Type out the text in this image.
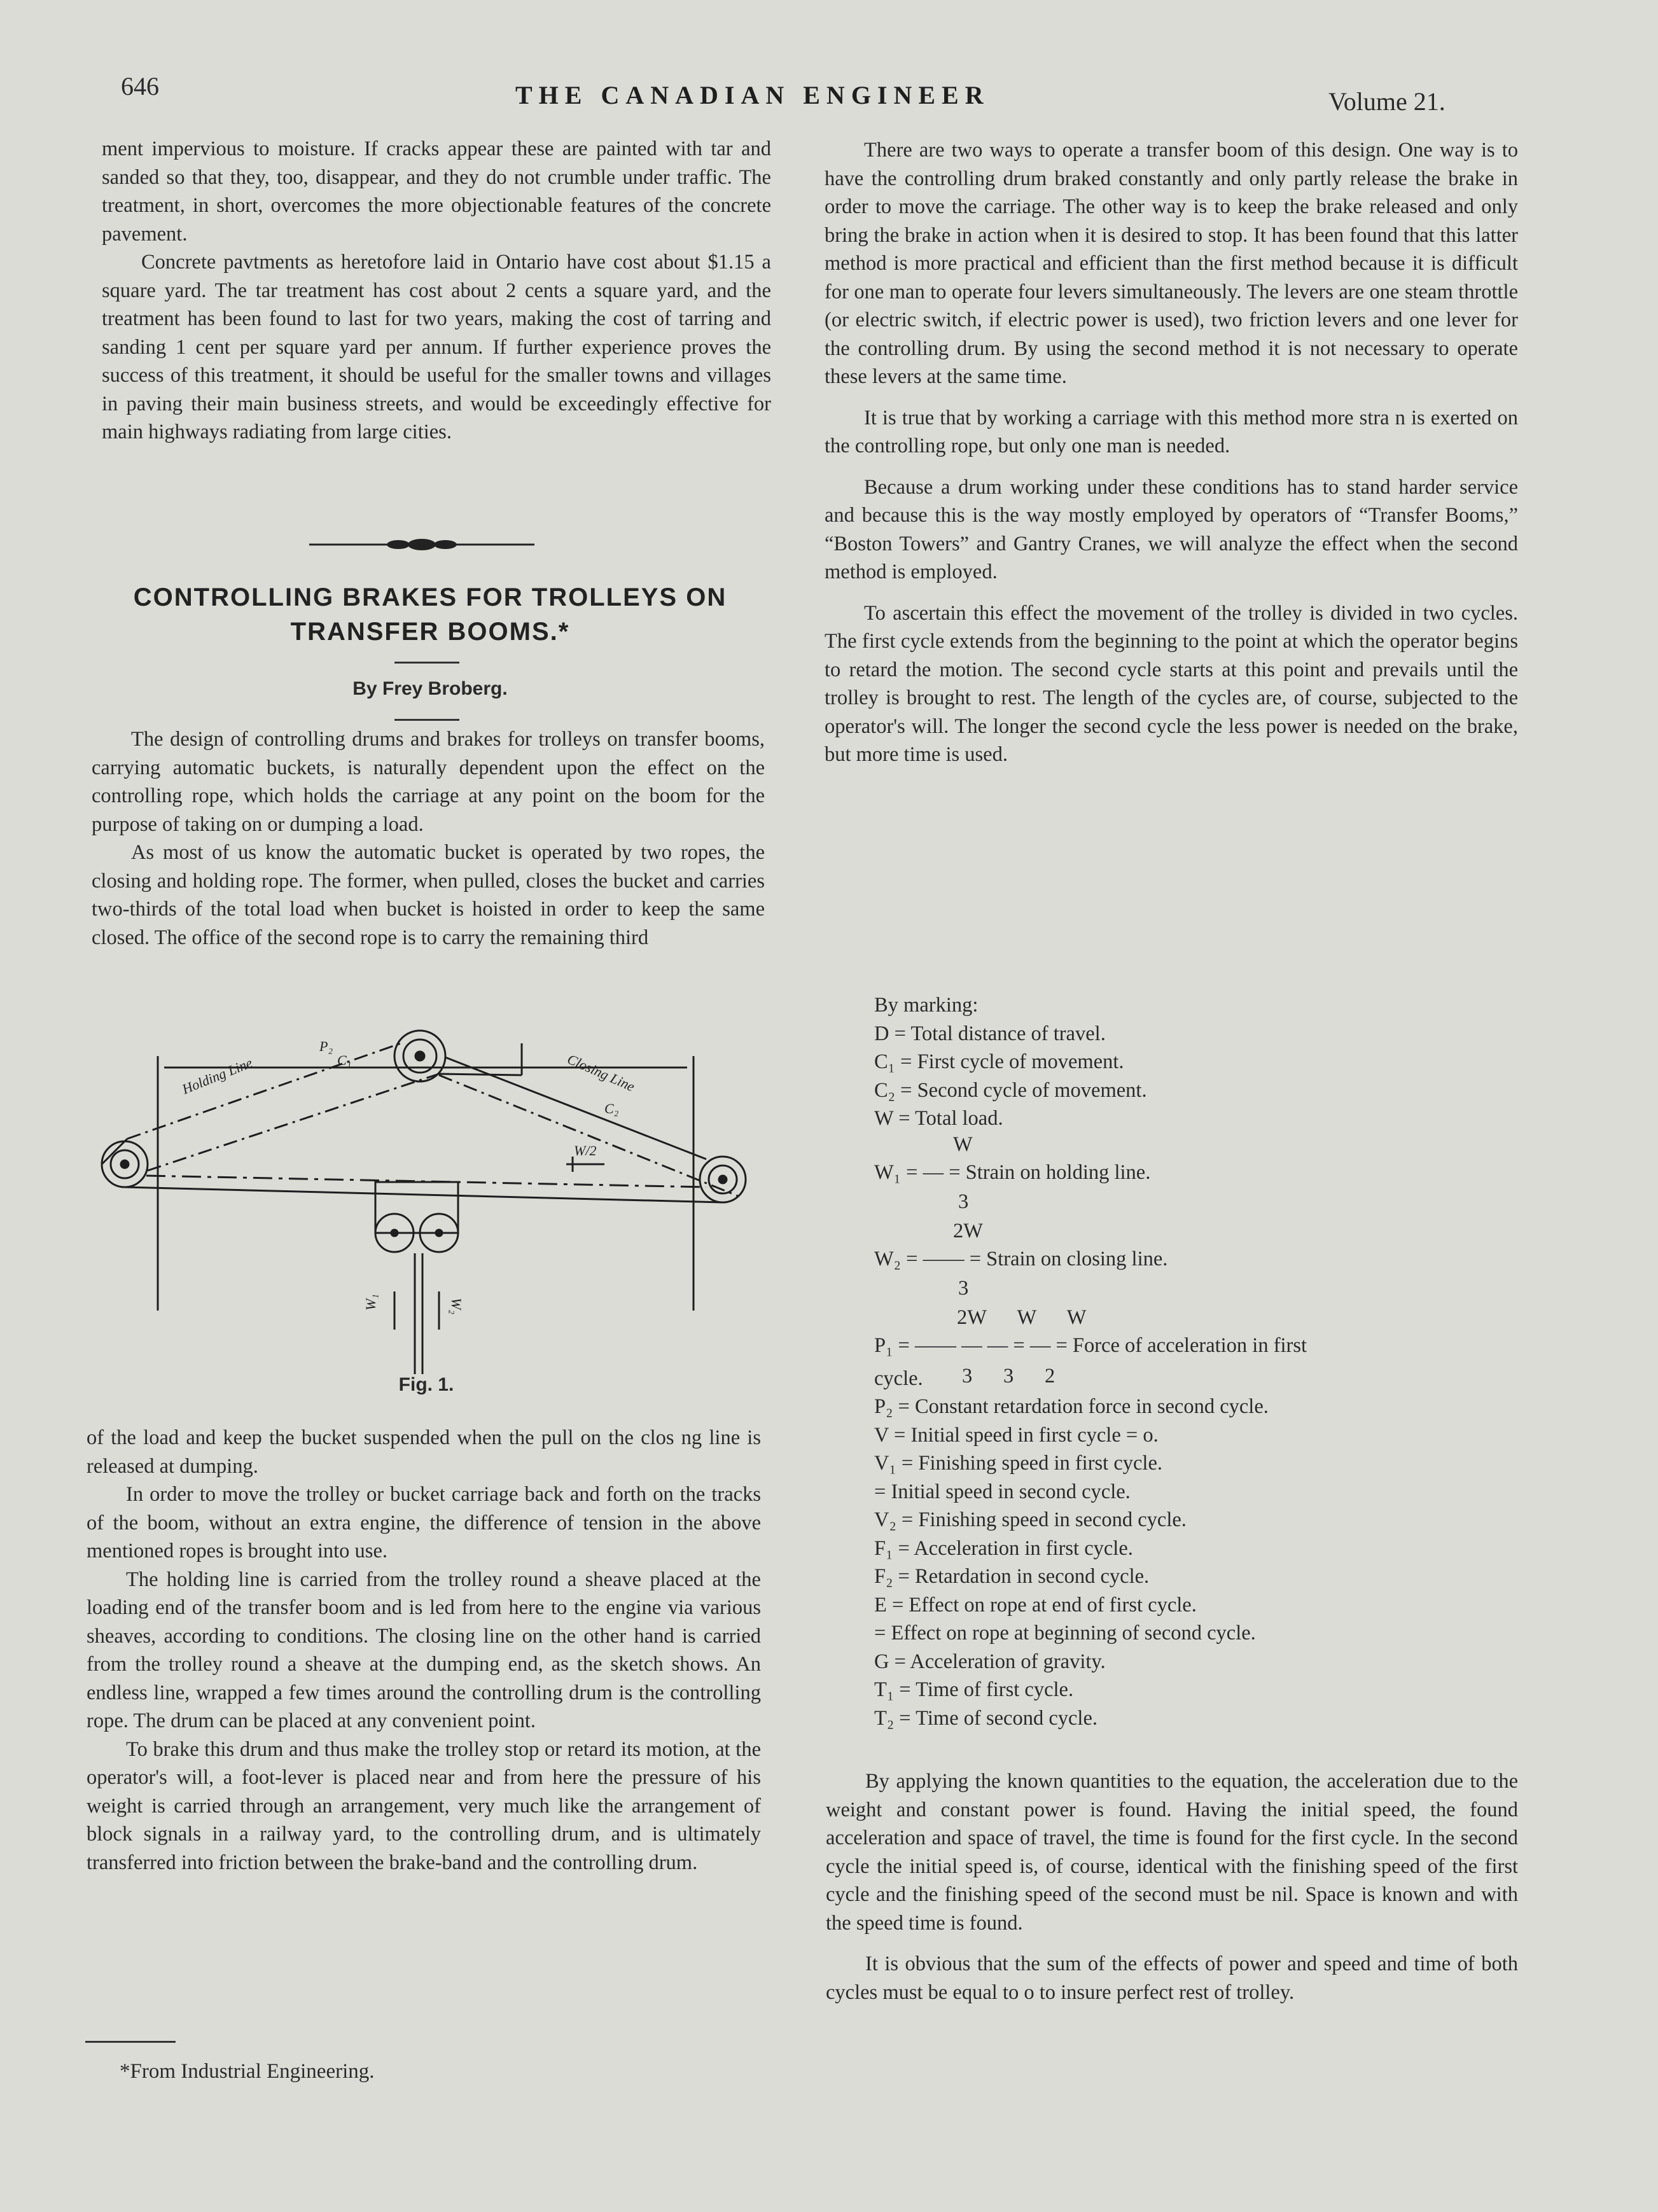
646	THE CANADIAN ENGINEER	Volume 21.

ment impervious to moisture. If cracks appear these are painted with tar and sanded so that they, too, disappear, and they do not crumble under traffic. The treatment, in short, overcomes the more objectionable features of the concrete pavement.

Concrete pavtments as heretofore laid in Ontario have cost about $1.15 a square yard. The tar treatment has cost about 2 cents a square yard, and the treatment has been found to last for two years, making the cost of tarring and sanding 1 cent per square yard per annum. If further experience proves the success of this treatment, it should be useful for the smaller towns and villages in paving their main business streets, and would be exceedingly effective for main highways radiating from large cities.

CONTROLLING BRAKES FOR TROLLEYS ON
TRANSFER BOOMS.*
By Frey Broberg.

The design of controlling drums and brakes for trolleys on transfer booms, carrying automatic buckets, is naturally dependent upon the effect on the controlling rope, which holds the carriage at any point on the boom for the purpose of taking on or dumping a load.

As most of us know the automatic bucket is operated by two ropes, the closing and holding rope. The former, when pulled, closes the bucket and carries two-thirds of the total load when bucket is hoisted in order to keep the same closed. The office of the second rope is to carry the remaining third

Holding Line	Closing Line
C₁
C₂
P₂
W/2
W₁	W₂
Fig. 1.

of the load and keep the bucket suspended when the pull on the clos ng line is released at dumping.

In order to move the trolley or bucket carriage back and forth on the tracks of the boom, without an extra engine, the difference of tension in the above mentioned ropes is brought into use.

The holding line is carried from the trolley round a sheave placed at the loading end of the transfer boom and is led from here to the engine via various sheaves, according to conditions. The closing line on the other hand is carried from the trolley round a sheave at the dumping end, as the sketch shows. An endless line, wrapped a few times around the controlling drum is the controlling rope. The drum can be placed at any convenient point.

To brake this drum and thus make the trolley stop or retard its motion, at the operator's will, a foot-lever is placed near and from here the pressure of his weight is carried through an arrangement, very much like the arrangement of block signals in a railway yard, to the controlling drum, and is ultimately transferred into friction between the brake-band and the controlling drum.

*From Industrial Engineering.

There are two ways to operate a transfer boom of this design. One way is to have the controlling drum braked constantly and only partly release the brake in order to move the carriage. The other way is to keep the brake released and only bring the brake in action when it is desired to stop. It has been found that this latter method is more practical and efficient than the first method because it is difficult for one man to operate four levers simultaneously. The levers are one steam throttle (or electric switch, if electric power is used), two friction levers and one lever for the controlling drum. By using the second method it is not necessary to operate these levers at the same time.

It is true that by working a carriage with this method more stra n is exerted on the controlling rope, but only one man is needed.

Because a drum working under these conditions has to stand harder service and because this is the way mostly employed by operators of “Transfer Booms,” “Boston Towers” and Gantry Cranes, we will analyze the effect when the second method is employed.

To ascertain this effect the movement of the trolley is divided in two cycles. The first cycle extends from the beginning to the point at which the operator begins to retard the motion. The second cycle starts at this point and prevails until the trolley is brought to rest. The length of the cycles are, of course, subjected to the operator's will. The longer the second cycle the less power is needed on the brake, but more time is used.

By marking:
D = Total distance of travel.
C₁ = First cycle of movement.
C₂ = Second cycle of movement.
W = Total load.
W
W₁ = — = Strain on holding line.
3
2W
W₂ = —— = Strain on closing line.
3
2W      W      W
P₁ = —— — — = — = Force of acceleration in first
3      3      2
cycle.
P₂ = Constant retardation force in second cycle.
V = Initial speed in first cycle = o.
V₁ = Finishing speed in first cycle.
= Initial speed in second cycle.
V₂ = Finishing speed in second cycle.
F₁ = Acceleration in first cycle.
F₂ = Retardation in second cycle.
E = Effect on rope at end of first cycle.
= Effect on rope at beginning of second cycle.
G = Acceleration of gravity.
T₁ = Time of first cycle.
T₂ = Time of second cycle.

By applying the known quantities to the equation, the acceleration due to the weight and constant power is found. Having the initial speed, the found acceleration and space of travel, the time is found for the first cycle. In the second cycle the initial speed is, of course, identical with the finishing speed of the first cycle and the finishing speed of the second must be nil. Space is known and with the speed time is found.

It is obvious that the sum of the effects of power and speed and time of both cycles must be equal to o to insure perfect rest of trolley.
